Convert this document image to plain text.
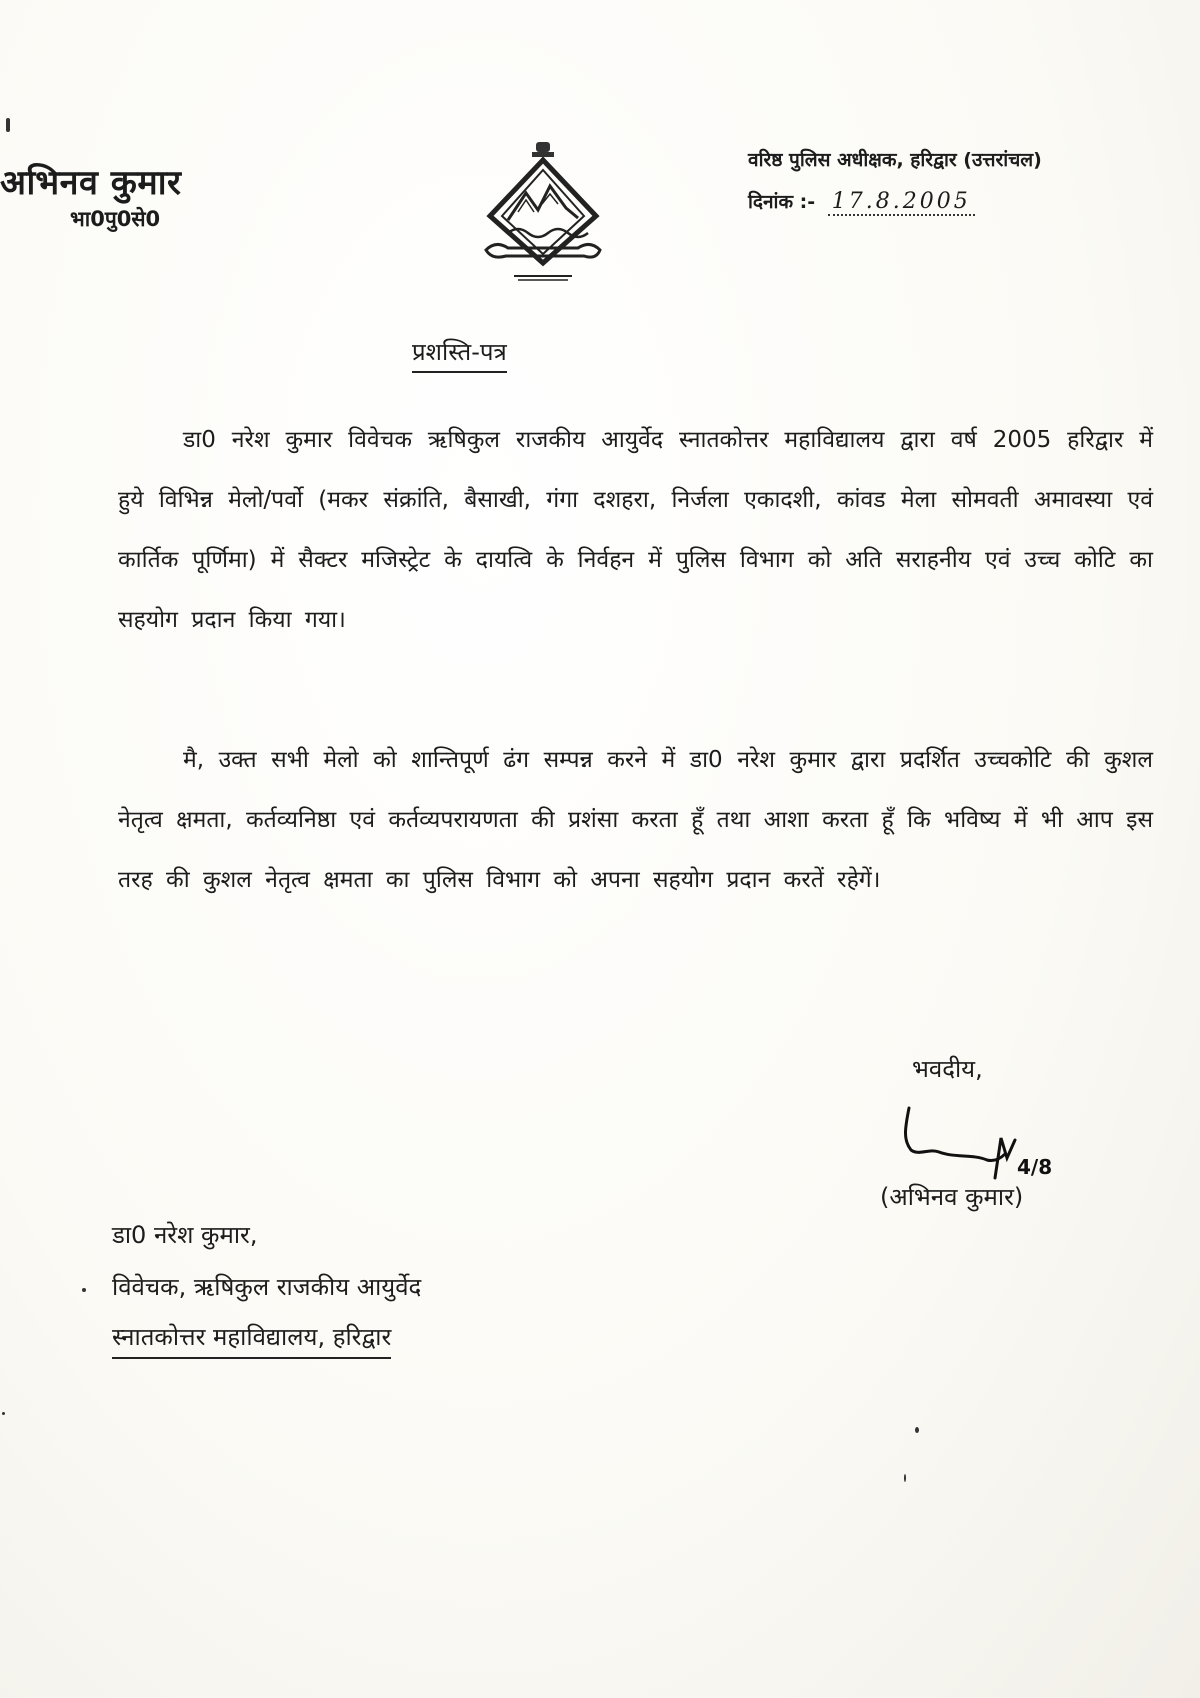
अभिनव कुमार
भा0पु0से0
वरिष्ठ पुलिस अधीक्षक, हरिद्वार (उत्तरांचल)
दिनांक :- 17.8.2005
प्रशस्ति-पत्र

डा0 नरेश कुमार विवेचक ऋषिकुल राजकीय आयुर्वेद स्नातकोत्तर महाविद्यालय द्वारा वर्ष 2005 हरिद्वार में हुये विभिन्न मेलो/पर्वो (मकर संक्रांति, बैसाखी, गंगा दशहरा, निर्जला एकादशी, कांवड मेला सोमवती अमावस्या एवं कार्तिक पूर्णिमा) में सैक्टर मजिस्ट्रेट के दायत्वि के निर्वहन में पुलिस विभाग को अति सराहनीय एवं उच्च कोटि का सहयोग प्रदान किया गया।

मै, उक्त सभी मेलो को शान्तिपूर्ण ढंग सम्पन्न करने में डा0 नरेश कुमार द्वारा प्रदर्शित उच्चकोटि की कुशल नेतृत्व क्षमता, कर्तव्यनिष्ठा एवं कर्तव्यपरायणता की प्रशंसा करता हूँ तथा आशा करता हूँ कि भविष्य में भी आप इस तरह की कुशल नेतृत्व क्षमता का पुलिस विभाग को अपना सहयोग प्रदान करतें रहेगें।

भवदीय,
4/8
(अभिनव कुमार)
डा0 नरेश कुमार,
विवेचक, ऋषिकुल राजकीय आयुर्वेद
स्नातकोत्तर महाविद्यालय, हरिद्वार
